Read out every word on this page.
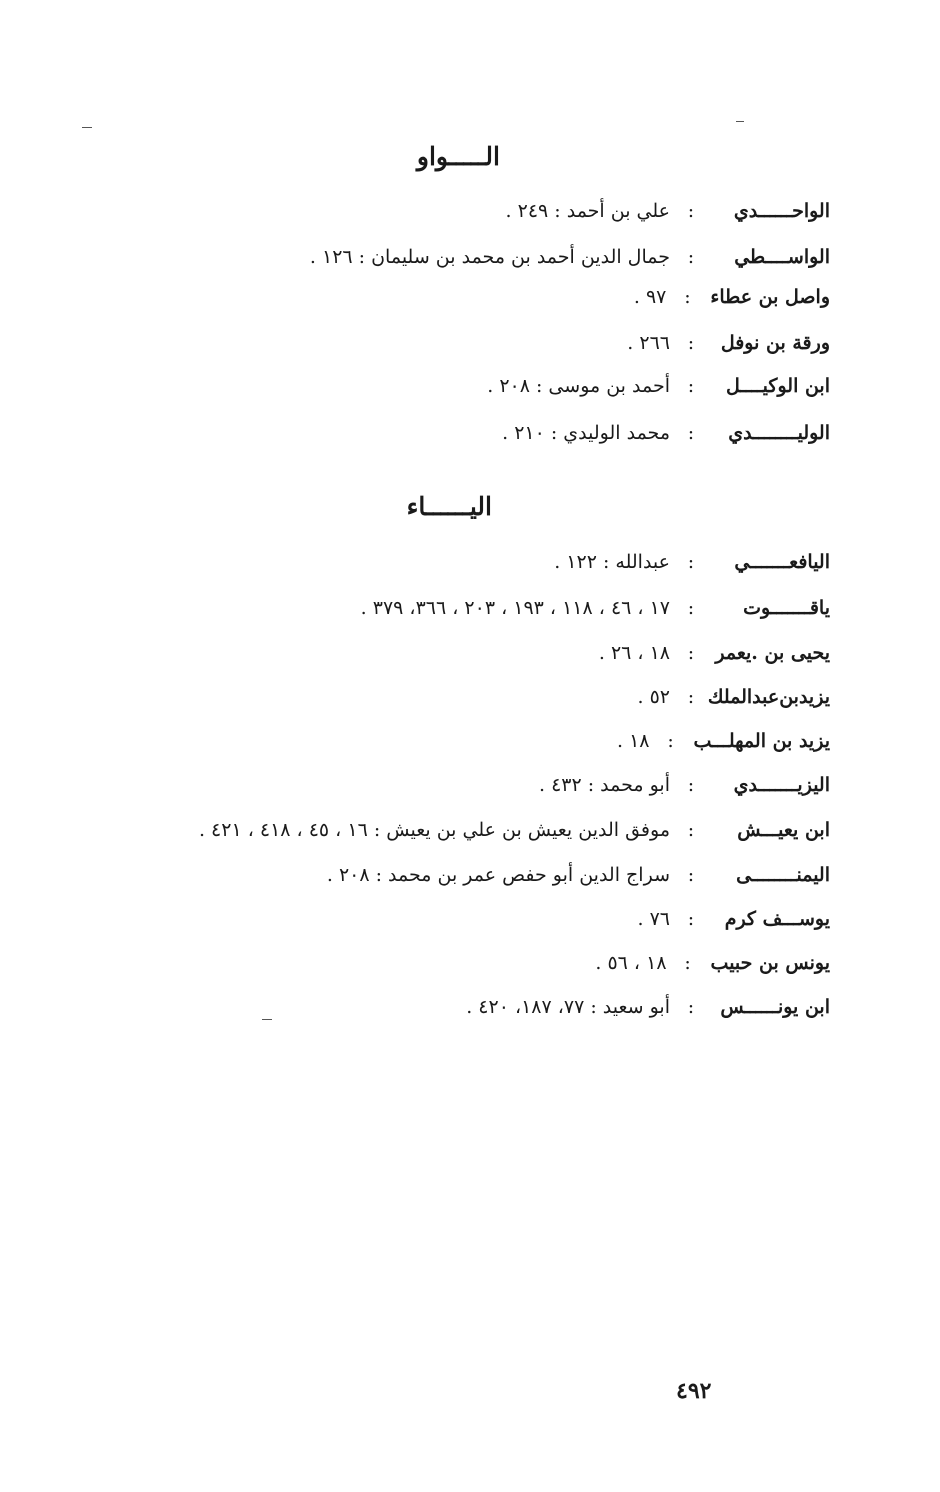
الـــــواو
الواحــــــدي
:
علي بن أحمد : ٢٤٩ .
الواســــطي
:
جمال الدين أحمد بن محمد بن سليمان : ١٢٦ .
واصل بن عطاء
:
٩٧ .
ورقة بن نوفل
:
٢٦٦ .
ابن الوكيــــل
:
أحمد بن موسى : ٢٠٨ .
الوليــــــــدي
:
محمد الوليدي : ٢١٠ .
اليــــــاء
اليافعـــــــي
:
عبدالله : ١٢٢ .
ياقـــــــوت
:
١٧ ، ٤٦ ، ١١٨ ، ١٩٣ ، ٢٠٣ ، ٣٦٦، ٣٧٩ .
يحيى بن .يعمر
:
١٨ ، ٢٦ .
يزيدبن‌عبدالملك
:
٥٢ .
يزيد بن المهلـــب
:
١٨ .
اليزيـــــــدي
:
أبو محمد : ٤٣٢ .
ابن يعيـــش
:
موفق الدين يعيش بن علي بن يعيش : ١٦ ، ٤٥ ، ٤١٨ ، ٤٢١ .
اليمنــــــــى
:
سراج الدين أبو حفص عمر بن محمد : ٢٠٨ .
يوســـف كرم
:
٧٦ .
يونس بن حبيب
:
١٨ ، ٥٦ .
ابن يونــــــس
:
أبو سعيد : ٧٧، ١٨٧، ٤٢٠ .
٤٩٢
